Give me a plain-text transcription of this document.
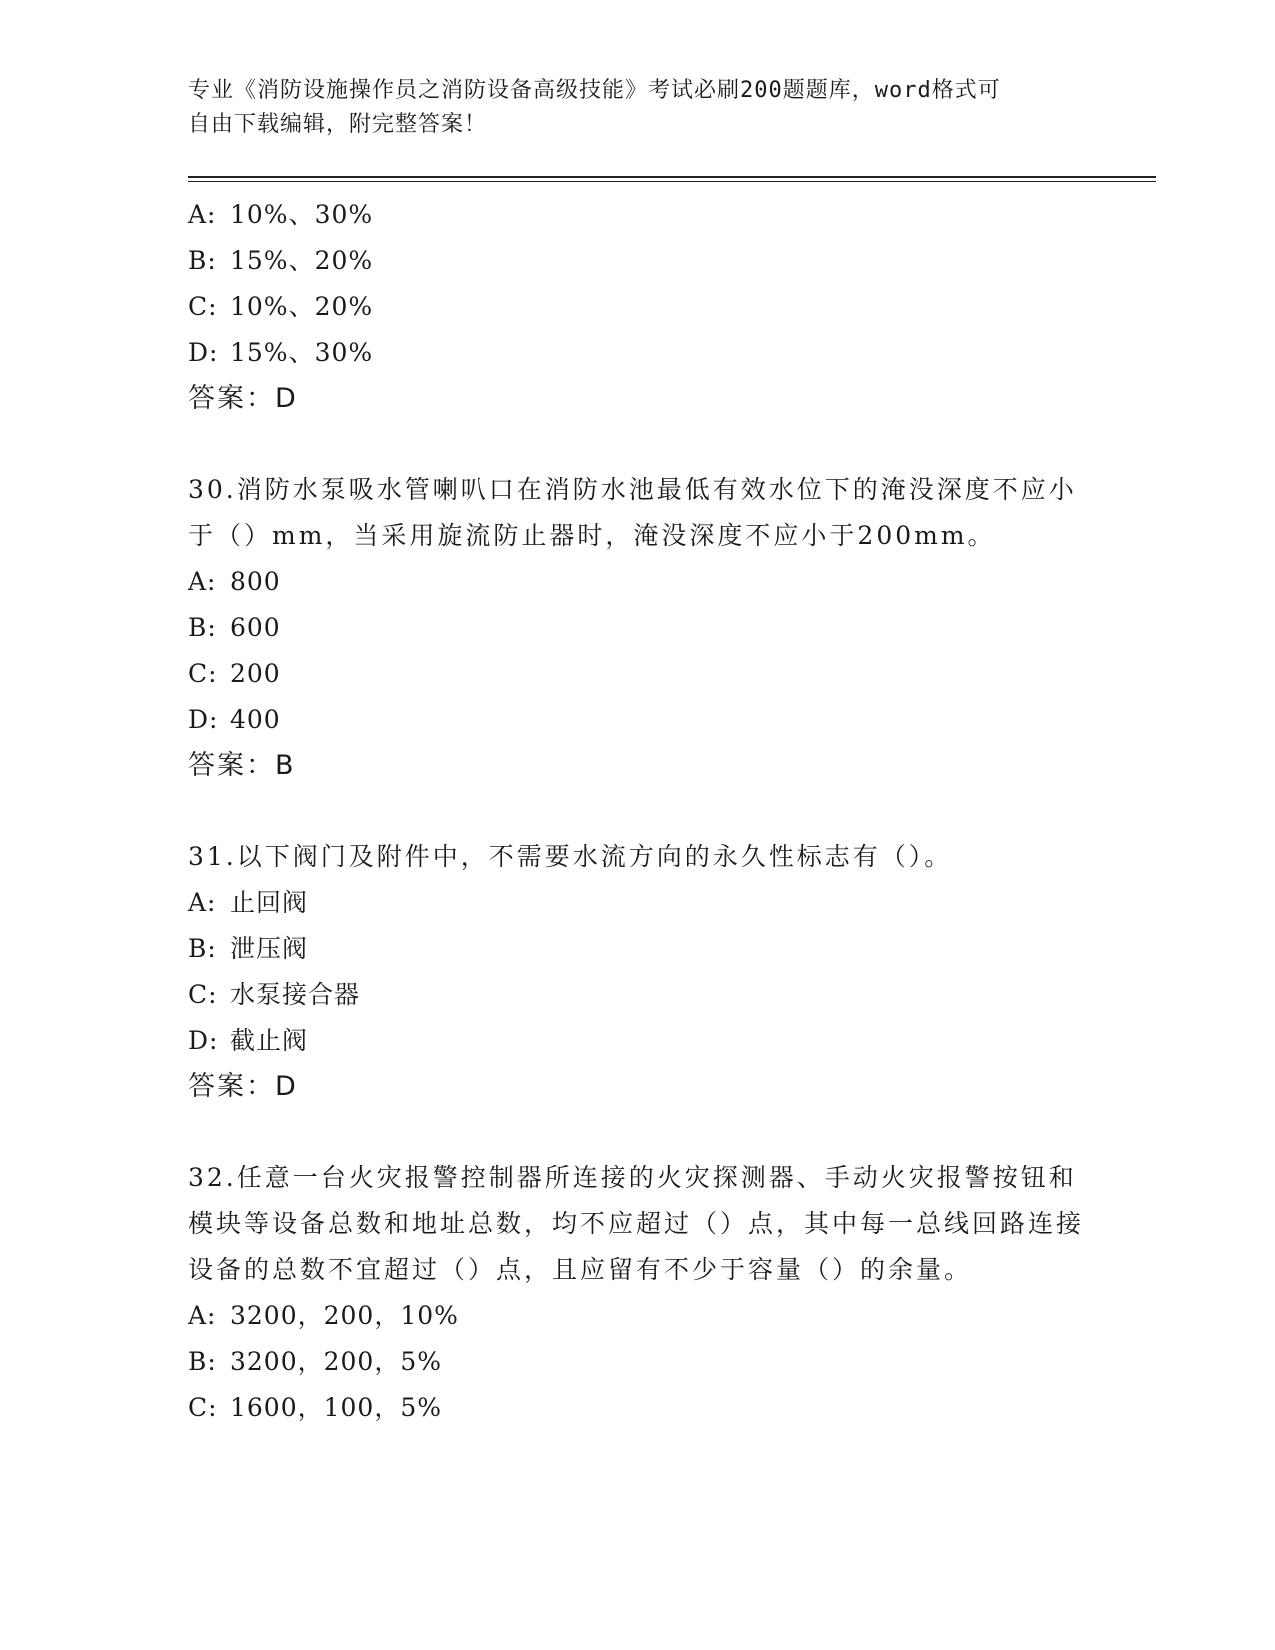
专业《消防设施操作员之消防设备高级技能》考试必刷200题题库，word格式可
自由下载编辑，附完整答案！
A: 10%、30%
B: 15%、20%
C: 10%、20%
D: 15%、30%
答案：D
30.消防水泵吸水管喇叭口在消防水池最低有效水位下的淹没深度不应小于（）mm，当采用旋流防止器时，淹没深度不应小于200mm。
A: 800
B: 600
C: 200
D: 400
答案：B
31.以下阀门及附件中，不需要水流方向的永久性标志有（）。
A: 止回阀
B: 泄压阀
C: 水泵接合器
D: 截止阀
答案：D
32.任意一台火灾报警控制器所连接的火灾探测器、手动火灾报警按钮和模块等设备总数和地址总数，均不应超过（）点，其中每一总线回路连接设备的总数不宜超过（）点，且应留有不少于容量（）的余量。
A: 3200，200，10%
B: 3200，200，5%
C: 1600，100，5%
